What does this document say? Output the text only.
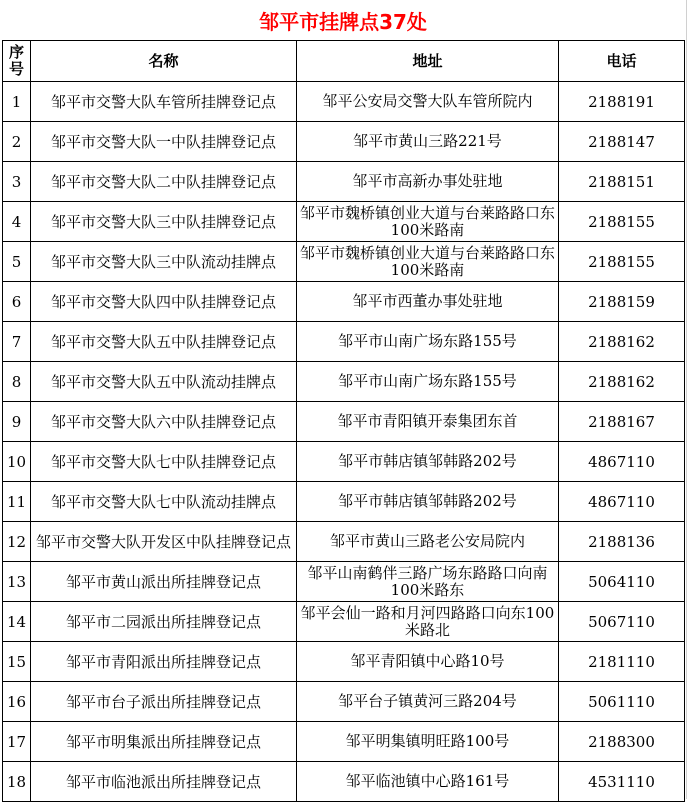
邹平市挂牌点37处
序号	名称	地址	电话
1	邹平市交警大队车管所挂牌登记点	邹平公安局交警大队车管所院内	2188191
2	邹平市交警大队一中队挂牌登记点	邹平市黄山三路221号	2188147
3	邹平市交警大队二中队挂牌登记点	邹平市高新办事处驻地	2188151
4	邹平市交警大队三中队挂牌登记点	邹平市魏桥镇创业大道与台莱路路口东100米路南	2188155
5	邹平市交警大队三中队流动挂牌点	邹平市魏桥镇创业大道与台莱路路口东100米路南	2188155
6	邹平市交警大队四中队挂牌登记点	邹平市西董办事处驻地	2188159
7	邹平市交警大队五中队挂牌登记点	邹平市山南广场东路155号	2188162
8	邹平市交警大队五中队流动挂牌点	邹平市山南广场东路155号	2188162
9	邹平市交警大队六中队挂牌登记点	邹平市青阳镇开泰集团东首	2188167
10	邹平市交警大队七中队挂牌登记点	邹平市韩店镇邹韩路202号	4867110
11	邹平市交警大队七中队流动挂牌点	邹平市韩店镇邹韩路202号	4867110
12	邹平市交警大队开发区中队挂牌登记点	邹平市黄山三路老公安局院内	2188136
13	邹平市黄山派出所挂牌登记点	邹平山南鹤伴三路广场东路路口向南100米路东	5064110
14	邹平市二园派出所挂牌登记点	邹平会仙一路和月河四路路口向东100米路北	5067110
15	邹平市青阳派出所挂牌登记点	邹平青阳镇中心路10号	2181110
16	邹平市台子派出所挂牌登记点	邹平台子镇黄河三路204号	5061110
17	邹平市明集派出所挂牌登记点	邹平明集镇明旺路100号	2188300
18	邹平市临池派出所挂牌登记点	邹平临池镇中心路161号	4531110
